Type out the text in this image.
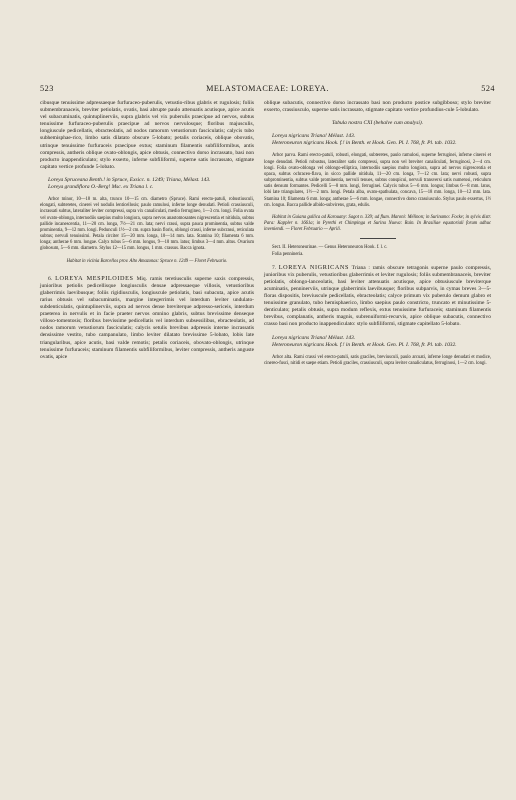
523	MELASTOMACEAE: LOREYA.	524

cibusque tenuissime adpressaeque furfuraceo-puberulis, vetustio-ribus glabris et rugulosis; foliis submembranaceis, breviter petiolatis, ovatis, basi abrupte paulo attenuatis acutisque, apice acutis vel subacuminatis, quintuplinerviis, supra glabris vel vix puberulis praecipue ad nervos, subtus tenuissime furfuraceo-puberulis praecipue ad nervos nervulosque; floribus majusculis, longiuscule pedicellatis, ebracteolatis, ad nodos ramorum vetustiorum fasciculatis; calycis tubo subhemisphae-rico, limbo satis dilatato obscure 5-lobato; petalis coriaceis, oblique obovatis, utrinque tenuissime furfuraceis praecipue extus; staminum filamentis subfiliformibus, antis compressis, antheris oblique ovato-oblongis, apice obtusis, connectivo dorso incrassato, basi non producto inappendiculato; stylo exserto, inferne subfiliformi, superne satis incrassato, stigmate capitato vertice profunde 5-lobato.

Loreya Spruceana Benth.! in Spruce, Exsicc. n. 1249; Triana, Mélast. 143.

Loreya grandiflora O.-Berg! Msc. ex Triana l. c.

Arbor minor, 10—18 m. alta, trunco 10—15 cm. diametro (Spruce). Rami erecto-patuli, robustiusculi, elongati, subteretes, cinerei vel nodulis lenticellosis; paulo ramulosi, inferne longe denudati. Petioli crassiusculi, incrassati subtus, lateraliter leviter compressi, supra vix canaliculati, medio ferrugineo, 1—3 cm. longi. Folia ovata vel ovato-oblonga, internodiis saepius multo longiora, supra nervos anastomosantes nigrescentia et nitidula, subtus pallide incanescentia, 11—20 cm. longa, 7½—21 cm. lata; nervi crassi, supra pauca prominentia, subtus valde prominentia, 9—12 mm. longi. Pedunculi 1½—2 cm. supra basin floris, oblongi crassi, inferne subcrassi, reticulata subtus; nervuli tenuissimi. Petala circiter 15—20 mm. longa, 10—14 mm. lata. Stamina 10; filamenta 6 mm. longa; antherae 6 mm. longae. Calyx tubus 5—6 mm. longus, 9—10 mm. latus; limbus 3—4 mm. altus. Ovarium globosum, 5—6 mm. diametro. Stylus 12—15 mm. longus, 1 mm. crassus. Bacca ignota.

Habitat in vicinia Barcellos prov. Alto Amazonas: Spruce n. 1249 — Floret Februario.

6. LOREYA MESPILOIDES Miq. ramis teretiusculis superne saxis compressis, junioribus petiolis pedicellisque longiusculis densae adpressaeque villosis, vetustioribus glaberrimis laevibusque; foliis rigidiusculis, longiuscule petiolatis, basi subacuta, apice acutis rarius obtusis vel subacuminatis, margine integerrimis vel interdum leviter undulato-subdenticulatis, quintuplinerviis, supra ad nervos dense breviterque adpresso-sericeis, interdum praeterea in nervulis et in facie praeter nervos omnino glabris, subtus brevissime denseque villoso-tomentosis; floribus brevissime pedicellatis vel interdum subsessilibus, ebracteolatis, ad nodos ramorum vetustiorum fasciculatis; calycis setulis brevibus adpressis interne incrassatis densissime vestito, tubo campanulato, limbo leviter dilatato brevissime 5-lobato, lobis late triangularibus, apice acutis, basi valde remotis; petalis coriaceis, obovato-oblongis, utrinque tenuissime furfuraceis; staminum filamentis subfiliformibus, leviter compressis, antheris anguste ovatis, apice

oblique subacutis, connectivo dorso incrassato basi non producto postice subgibboso; stylo breviter exserto, crassiusculo, superne satis incrassato, stigmate capitato vertice profundius-cule 5-lobulato.

Tabula nostra CXI (behalve cum analysi).

Loreya nigricans Triana! Mélast. 143.

Heteroneuron nigricans Hook. f.! in Benth. et Hook. Gen. Pl. I. 768, fr. Pl. tab. 1032.

Arbor parva. Rami erecto-patuli, robusti, elongati, subteretes, paulo ramulosi, superne ferruginei, inferne cinerei et longe denudati. Petioli robustus, lateraliter satis compressi, supra non vel breviter canaliculati, ferruginosi, 2—4 cm. longi. Folia ovato-oblonga vel oblongo-elliptica, internodiis saepius multo longiora, supra ad nervos nigrescentia et opaca, subtus ochraceo-flava, in sicco pallide nitidula, 11—20 cm. longa, 7—12 cm. lata; nervi robusti, supra subprominentia, subtus valde prominentia, nervuli tenues, subtus conspicui, nervuli transversi satis numerosi, reticulum satis densum formantes. Pedicelli 5—8 mm. longi, ferruginei. Calycis tubus 5—6 mm. longus; limbus 6—8 mm. latus, lobi late triangulares, 1½—2 mm. longi. Petala alba, ovato-spathulata, concava, 15—18 mm. longa, 10—12 mm. lata. Stamina 10; filamenta 6 mm. longa; antherae 5—6 mm. longae, connectivo dorso crassiusculo. Stylus paulo exsertus, 1½ cm. longus. Bacca pallide albido-subvirens, grata, edulis.

Habitat in Guiana gallica ad Karouany: Sagot n. 339; ad flum. Maroni: Mélinon; in Surinamo: Focke; in sylvis distr. Para: Kappler n. 1661a; in Pyrethi et Chimpinga et Surina Nuova: Rain. In Brasiliae equatoriali forum adhuc inveniendi. — Floret Februario — Aprili.

Sect. II. Heteroneurinae. — Genus Heteroneuron Hook. f. l. c.

Folia pennineria.

7. LOREYA NIGRICANS Triana : ramis obscure tetragonis superne paulo compressis, junioribus vix puberulis, vetustioribus glaberrimis et leviter rugulosis; foliis submembranaceis, breviter petiolatis, oblongo-lanceolatis, basi leviter attenuatis acutisque, apice obtusiuscule breviterque acuminatis, penninerviis, utrinque glaberrimis laevibusque; floribus subparvis, in cymas breves 3—5-floras dispositis, breviuscule pedicellatis, ebracteolatis; calyce primum vix puberulo demum glabro et tenuissime granulato, tubo hemisphaerico, limbo saepius paulo constricto, truncato et minutissime 5-denticulato; petalis obtusis, supra modum reflexis, extus tenuissime furfuraceis; staminum filamentis brevibus, complanatis, antheris magnis, subrenuiformi-recurvis, apice oblique subacutis, connectivo crasso basi non producto inappendiculato: stylo subfiliformi, stigmate capitellato 5-lobato.

Loreya nigricans Triana! Mélast. 143.

Heteroneuron nigricans Hook. f.! in Benth. et Hook. Gen. Pl. I. 768, fr. Pl. tab. 1032.

Arbor alta. Rami crassi vel erecto-patuli, satis graciles, breviusculi, paulo arcuati, inferne longe denudati et modice, cinereo-fusci, nitidi et saepe etiam. Petioli graciles, crassiusculi, supra leviter canaliculatus, ferruginosi, 1—2 cm. longi.
